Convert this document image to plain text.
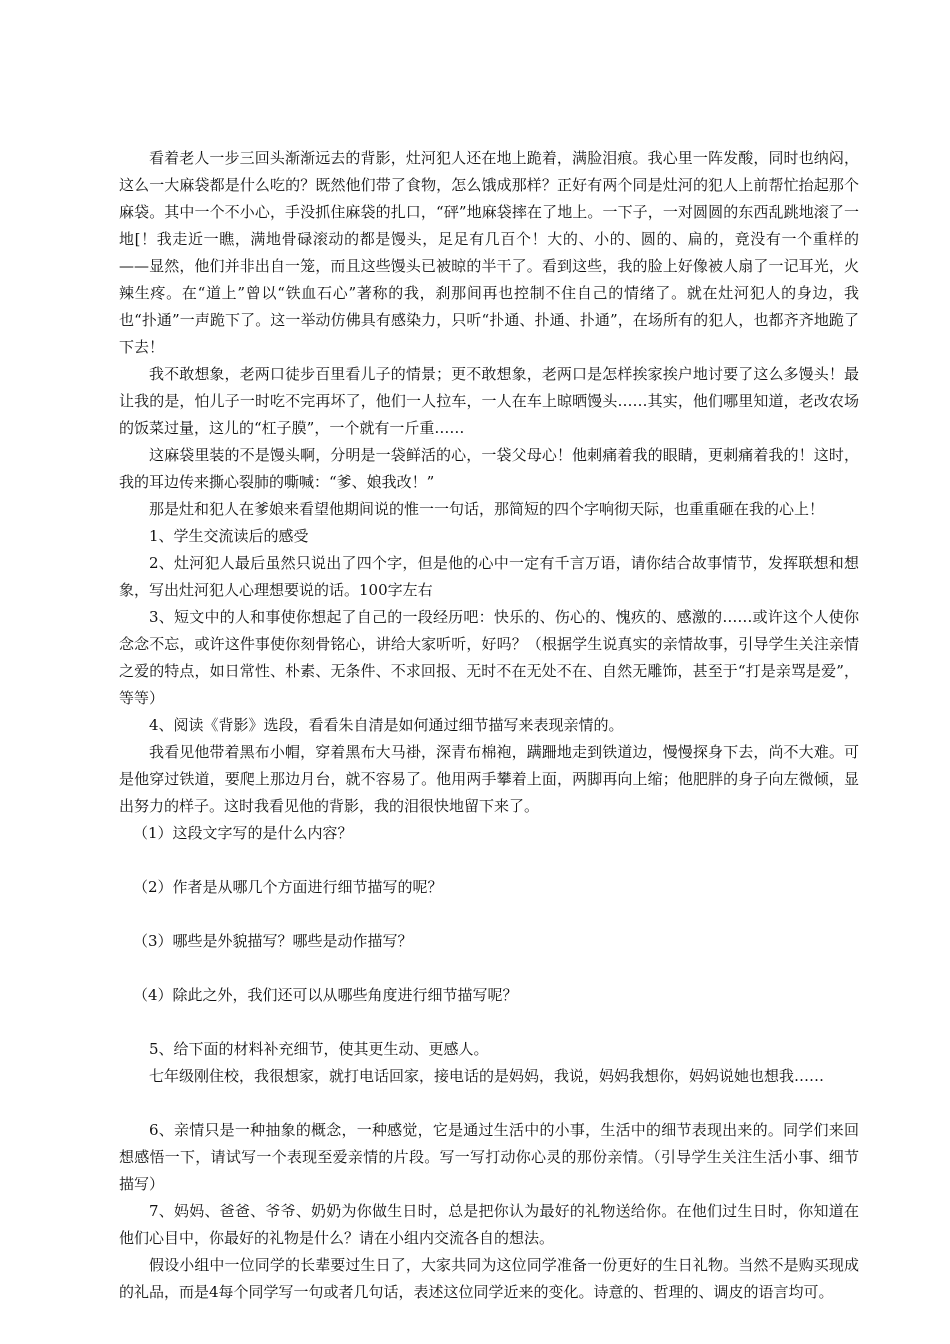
看着老人一步三回头渐渐远去的背影，灶河犯人还在地上跪着，满脸泪痕。我心里一阵发酸，同时也纳闷，这么一大麻袋都是什么吃的？既然他们带了食物，怎么饿成那样？正好有两个同是灶河的犯人上前帮忙抬起那个麻袋。其中一个不小心，手没抓住麻袋的扎口，“砰”地麻袋摔在了地上。一下子，一对圆圆的东西乱跳地滚了一地[！我走近一瞧，满地骨碌滚动的都是馒头，足足有几百个！大的、小的、圆的、扁的，竟没有一个重样的——显然，他们并非出自一笼，而且这些馒头已被晾的半干了。看到这些，我的脸上好像被人扇了一记耳光，火辣生疼。在“道上”曾以“铁血石心”著称的我，刹那间再也控制不住自己的情绪了。就在灶河犯人的身边，我也“扑通”一声跪下了。这一举动仿佛具有感染力，只听“扑通、扑通、扑通”，在场所有的犯人，也都齐齐地跪了下去！

我不敢想象，老两口徒步百里看儿子的情景；更不敢想象，老两口是怎样挨家挨户地讨要了这么多馒头！最让我的是，怕儿子一时吃不完再坏了，他们一人拉车，一人在车上晾晒馒头……其实，他们哪里知道，老改农场的饭菜过量，这儿的“杠子膜”，一个就有一斤重……

这麻袋里装的不是馒头啊，分明是一袋鲜活的心，一袋父母心！他刺痛着我的眼睛，更刺痛着我的！这时，我的耳边传来撕心裂肺的嘶喊：“爹、娘我改！”

那是灶和犯人在爹娘来看望他期间说的惟一一句话，那简短的四个字响彻天际，也重重砸在我的心上！

1、学生交流读后的感受

2、灶河犯人最后虽然只说出了四个字，但是他的心中一定有千言万语，请你结合故事情节，发挥联想和想象，写出灶河犯人心理想要说的话。100字左右

3、短文中的人和事使你想起了自己的一段经历吧：快乐的、伤心的、愧疚的、感激的……或许这个人使你念念不忘，或许这件事使你刻骨铭心，讲给大家听听，好吗？（根据学生说真实的亲情故事，引导学生关注亲情之爱的特点，如日常性、朴素、无条件、不求回报、无时不在无处不在、自然无雕饰，甚至于“打是亲骂是爱”，等等）

4、阅读《背影》选段，看看朱自清是如何通过细节描写来表现亲情的。

我看见他带着黑布小帽，穿着黑布大马褂，深青布棉袍，蹒跚地走到铁道边，慢慢探身下去，尚不大难。可是他穿过铁道，要爬上那边月台，就不容易了。他用两手攀着上面，两脚再向上缩；他肥胖的身子向左微倾，显出努力的样子。这时我看见他的背影，我的泪很快地留下来了。

（1）这段文字写的是什么内容？

（2）作者是从哪几个方面进行细节描写的呢？

（3）哪些是外貌描写？哪些是动作描写？

（4）除此之外，我们还可以从哪些角度进行细节描写呢？

5、给下面的材料补充细节，使其更生动、更感人。

七年级刚住校，我很想家，就打电话回家，接电话的是妈妈，我说，妈妈我想你，妈妈说她也想我……

6、亲情只是一种抽象的概念，一种感觉，它是通过生活中的小事，生活中的细节表现出来的。同学们来回想感悟一下，请试写一个表现至爱亲情的片段。写一写打动你心灵的那份亲情。（引导学生关注生活小事、细节描写）

7、妈妈、爸爸、爷爷、奶奶为你做生日时，总是把你认为最好的礼物送给你。在他们过生日时，你知道在他们心目中，你最好的礼物是什么？请在小组内交流各自的想法。

假设小组中一位同学的长辈要过生日了，大家共同为这位同学准备一份更好的生日礼物。当然不是购买现成的礼品，而是4每个同学写一句或者几句话，表述这位同学近来的变化。诗意的、哲理的、调皮的语言均可。
